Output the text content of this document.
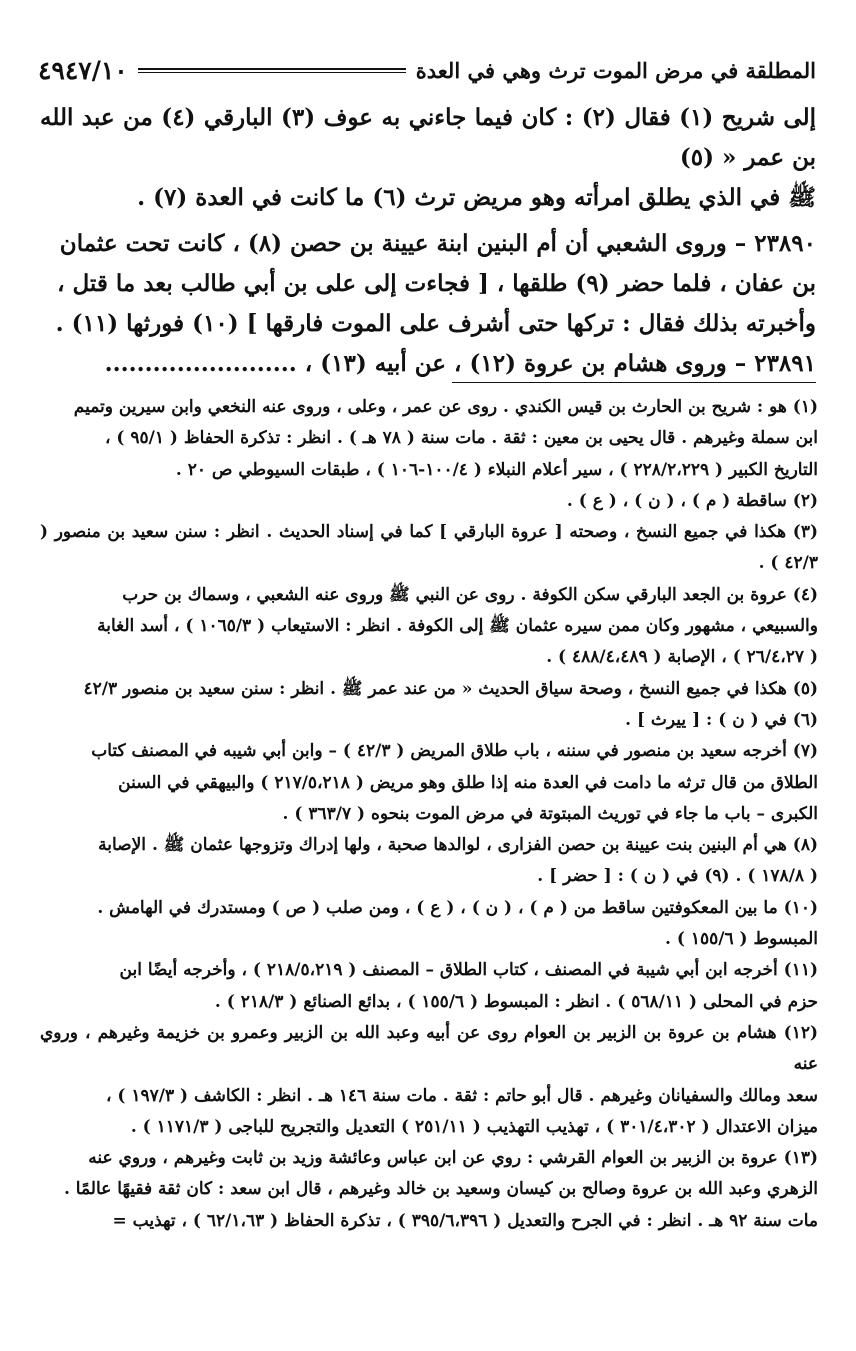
المطلقة في مرض الموت ترث وهي في العدة
٤٩٤٧/١٠

إلى شريح (١) فقال (٢) : كان فيما جاءني به عوف (٣) البارقي (٤) من عبد الله بن عمر « (٥)

ﷺ في الذي يطلق امرأته وهو مريض ترث (٦) ما كانت في العدة (٧) .

٢٣٨٩٠ – وروى الشعبي أن أم البنين ابنة عيينة بن حصن (٨) ، كانت تحت عثمان

بن عفان ، فلما حضر (٩) طلقها ، [ فجاءت إلى على بن أبي طالب بعد ما قتل ،

وأخبرته بذلك فقال : تركها حتى أشرف على الموت فارقها ] (١٠) فورثها (١١) .

٢٣٨٩١ – وروى هشام بن عروة (١٢) ، عن أبيه (١٣) ، ........................

(١) هو : شريح بن الحارث بن قيس الكندي . روى عن عمر ، وعلى ، وروى عنه النخعي وابن سيرين وتميم

ابن سملة وغيرهم . قال يحيى بن معين : ثقة . مات سنة ( ٧٨ هـ ) . انظر : تذكرة الحفاظ ( ٩٥/١ ) ،

التاريخ الكبير ( ٢٢٨/٢،٢٢٩ ) ، سير أعلام النبلاء ( ١٠٠/٤-١٠٦ ) ، طبقات السيوطي ص ٢٠ .

(٢) ساقطة ( م ) ، ( ن ) ، ( ع ) .

(٣) هكذا في جميع النسخ ، وصحته [ عروة البارقي ] كما في إسناد الحديث . انظر : سنن سعيد بن منصور ( ٤٢/٣ ) .

(٤) عروة بن الجعد البارقي سكن الكوفة . روى عن النبي ﷺ وروى عنه الشعبي ، وسماك بن حرب

والسبيعي ، مشهور وكان ممن سيره عثمان ﷺ إلى الكوفة . انظر : الاستيعاب ( ١٠٦٥/٣ ) ، أسد الغابة

( ٢٦/٤،٢٧ ) ، الإصابة ( ٤٨٨/٤،٤٨٩ ) .

(٥) هكذا في جميع النسخ ، وصحة سياق الحديث « من عند عمر ﷺ . انظر : سنن سعيد بن منصور ٤٢/٣

(٦) في ( ن ) : [ ييرث ] .

(٧) أخرجه سعيد بن منصور في سننه ، باب طلاق المريض ( ٤٢/٣ ) – وابن أبي شيبه في المصنف كتاب

الطلاق من قال ترثه ما دامت في العدة منه إذا طلق وهو مريض ( ٢١٧/٥،٢١٨ ) والبيهقي في السنن

الكبرى – باب ما جاء في توريث المبتوتة في مرض الموت بنحوه ( ٣٦٣/٧ ) .

(٨) هي أم البنين بنت عيينة بن حصن الفزارى ، لوالدها صحبة ، ولها إدراك وتزوجها عثمان ﷺ . الإصابة

( ١٧٨/٨ ) . (٩) في ( ن ) : [ حضر ] .

(١٠) ما بين المعكوفتين ساقط من ( م ) ، ( ن ) ، ( ع ) ، ومن صلب ( ص ) ومستدرك في الهامش .

المبسوط ( ١٥٥/٦ ) .

(١١) أخرجه ابن أبي شيبة في المصنف ، كتاب الطلاق – المصنف ( ٢١٨/٥،٢١٩ ) ، وأخرجه أيضًا ابن

حزم في المحلى ( ٥٦٨/١١ ) . انظر : المبسوط ( ١٥٥/٦ ) ، بدائع الصنائع ( ٢١٨/٣ ) .

(١٢) هشام بن عروة بن الزبير بن العوام روى عن أبيه وعبد الله بن الزبير وعمرو بن خزيمة وغيرهم ، وروي عنه

سعد ومالك والسفيانان وغيرهم . قال أبو حاتم : ثقة . مات سنة ١٤٦ هـ . انظر : الكاشف ( ١٩٧/٣ ) ،

ميزان الاعتدال ( ٣٠١/٤،٣٠٢ ) ، تهذيب التهذيب ( ٢٥١/١١ ) التعديل والتجريح للباجى ( ١١٧١/٣ ) .

(١٣) عروة بن الزبير بن العوام القرشي : روي عن ابن عباس وعائشة وزيد بن ثابت وغيرهم ، وروي عنه

الزهري وعبد الله بن عروة وصالح بن كيسان وسعيد بن خالد وغيرهم ، قال ابن سعد : كان ثقة فقيهًا عالمًا .

مات سنة ٩٢ هـ . انظر : في الجرح والتعديل ( ٣٩٥/٦،٣٩٦ ) ، تذكرة الحفاظ ( ٦٢/١،٦٣ ) ، تهذيب =
